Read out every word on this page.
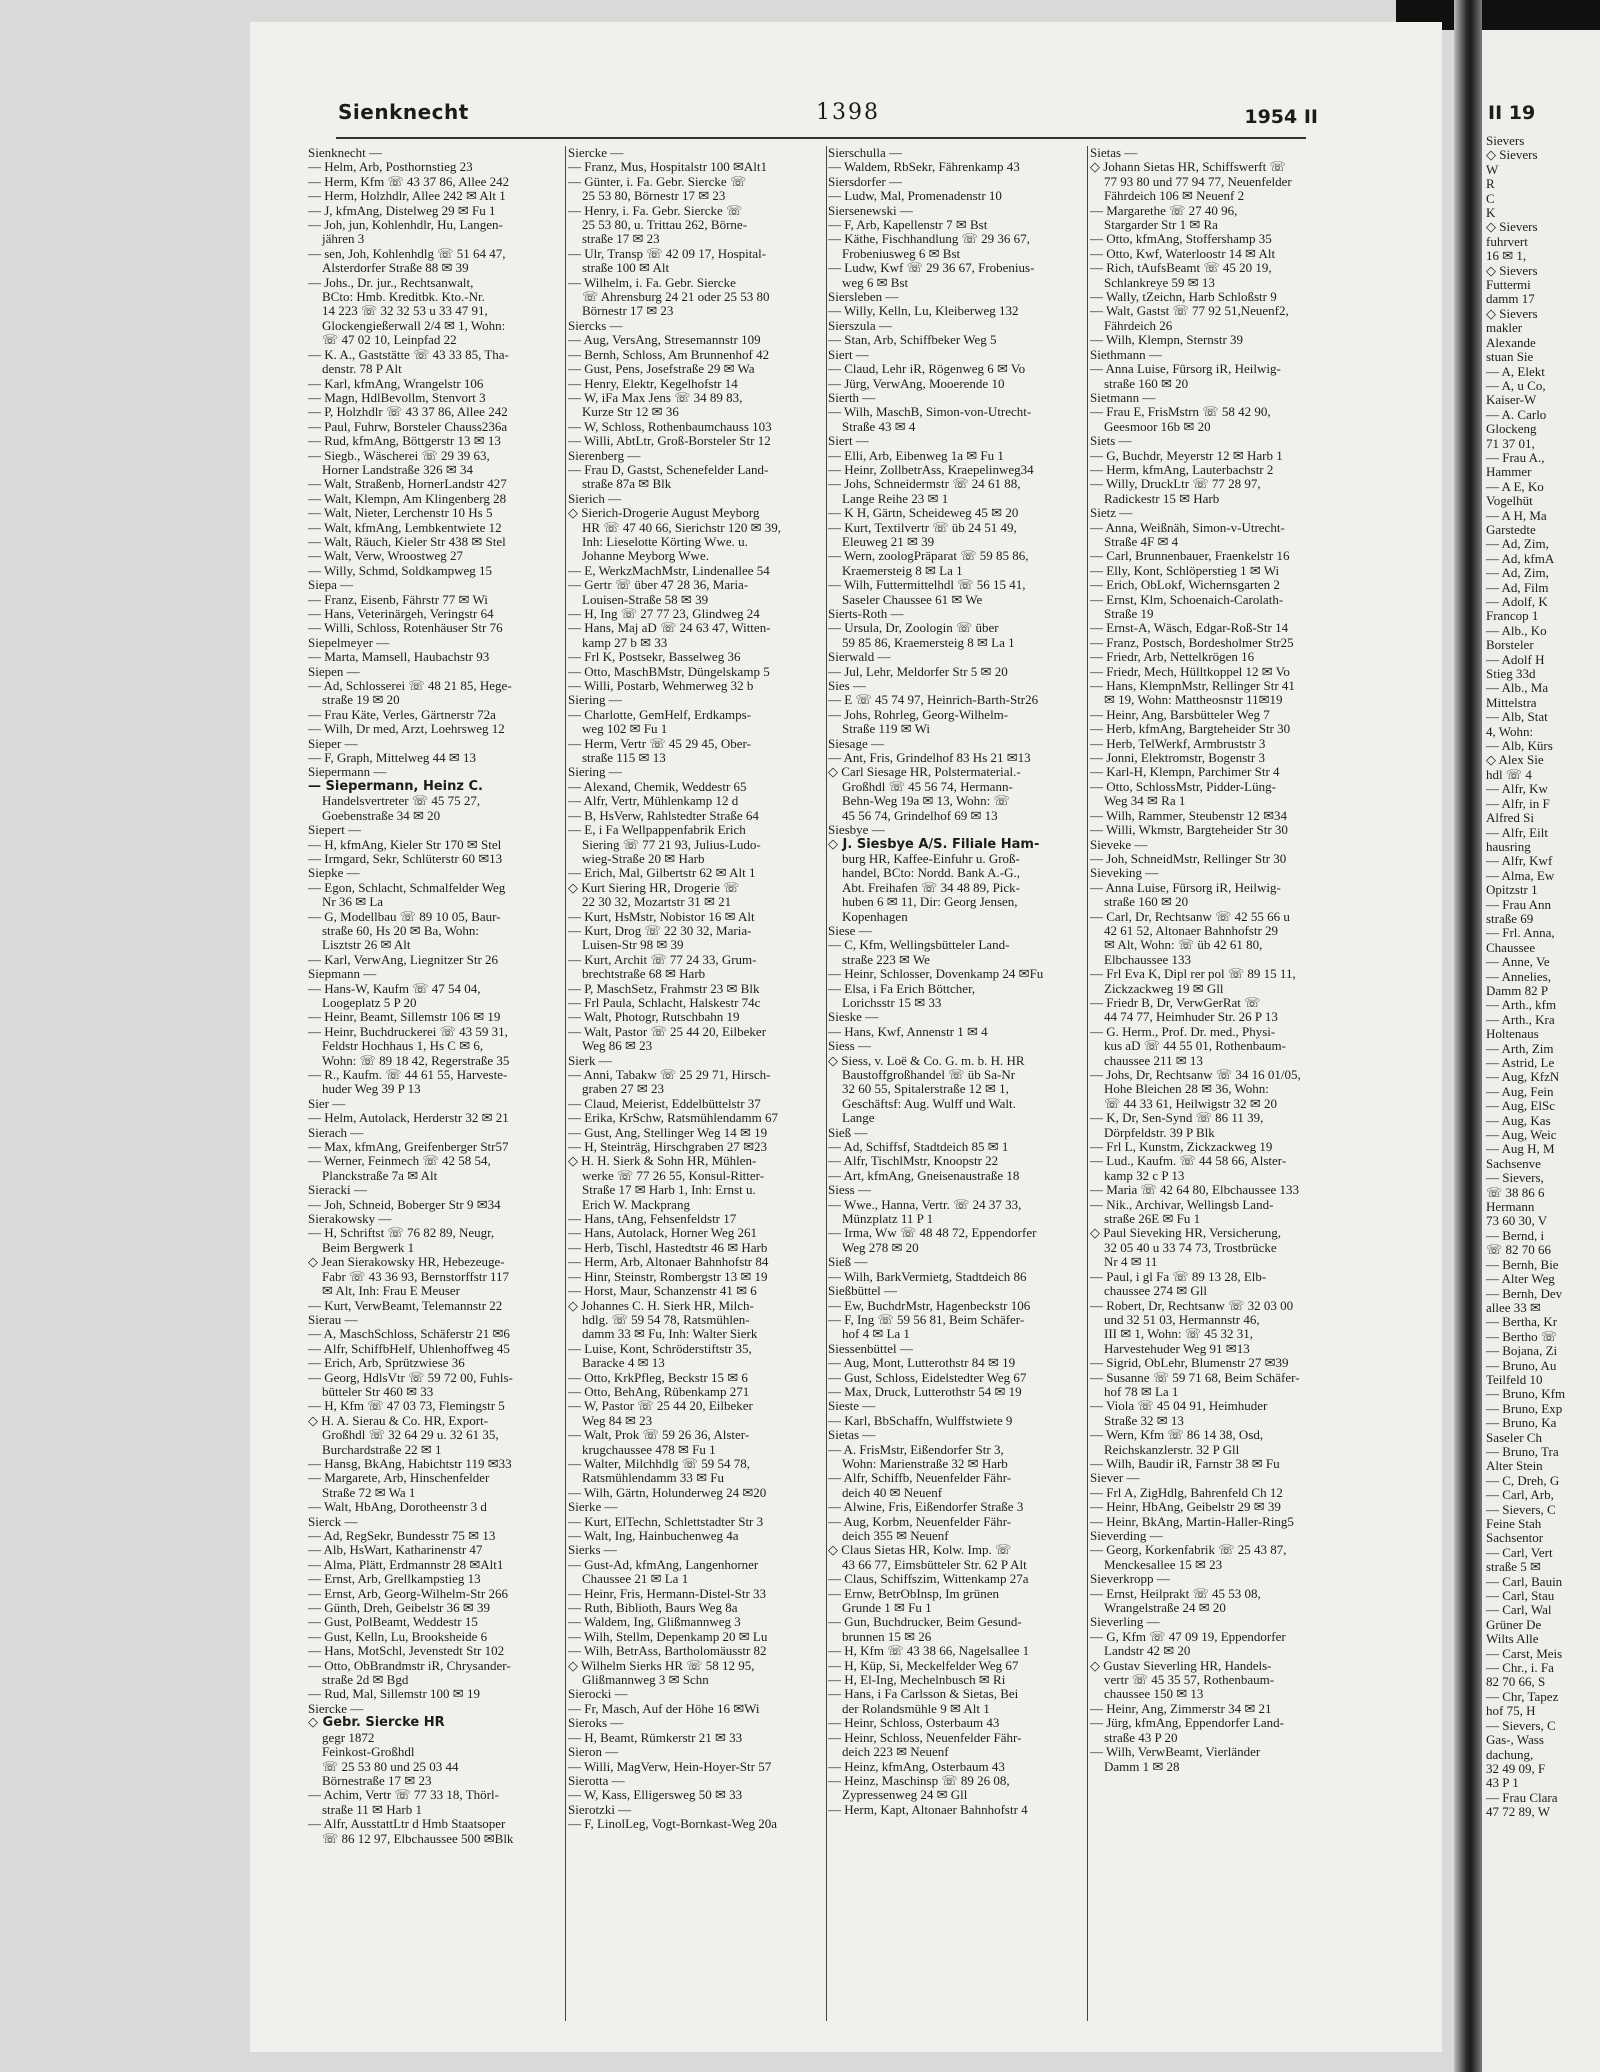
Sienknecht	1398	1954 II
Sienknecht —
— Helm, Arb, Posthornstieg 23
— Herm, Kfm ☏ 43 37 86, Allee 242
— Herm, Holzhdlr, Allee 242 ✉ Alt 1
— J, kfmAng, Distelweg 29 ✉ Fu 1
— Joh, jun, Kohlenhdlr, Hu, Langen-
jähren 3
— sen, Joh, Kohlenhdlg ☏ 51 64 47,
Alsterdorfer Straße 88 ✉ 39
— Johs., Dr. jur., Rechtsanwalt,
BCto: Hmb. Kreditbk. Kto.-Nr.
14 223 ☏ 32 32 53 u 33 47 91,
Glockengießerwall 2/4 ✉ 1, Wohn:
☏ 47 02 10, Leinpfad 22
— K. A., Gaststätte ☏ 43 33 85, Tha-
denstr. 78 P Alt
— Karl, kfmAng, Wrangelstr 106
— Magn, HdlBevollm, Stenvort 3
— P, Holzhdlr ☏ 43 37 86, Allee 242
— Paul, Fuhrw, Borsteler Chauss236a
— Rud, kfmAng, Böttgerstr 13 ✉ 13
— Siegb., Wäscherei ☏ 29 39 63,
Horner Landstraße 326 ✉ 34
— Walt, Straßenb, HornerLandstr 427
— Walt, Klempn, Am Klingenberg 28
— Walt, Nieter, Lerchenstr 10 Hs 5
— Walt, kfmAng, Lembkentwiete 12
— Walt, Räuch, Kieler Str 438 ✉ Stel
— Walt, Verw, Wroostweg 27
— Willy, Schmd, Soldkampweg 15
Siepa —
— Franz, Eisenb, Fährstr 77 ✉ Wi
— Hans, Veterinärgeh, Veringstr 64
— Willi, Schloss, Rotenhäuser Str 76
Siepelmeyer —
— Marta, Mamsell, Haubachstr 93
Siepen —
— Ad, Schlosserei ☏ 48 21 85, Hege-
straße 19 ✉ 20
— Frau Käte, Verles, Gärtnerstr 72a
— Wilh, Dr med, Arzt, Loehrsweg 12
Sieper —
— F, Graph, Mittelweg 44 ✉ 13
Siepermann —
— Siepermann, Heinz C.
Handelsvertreter ☏ 45 75 27,
Goebenstraße 34 ✉ 20
Siepert —
— H, kfmAng, Kieler Str 170 ✉ Stel
— Irmgard, Sekr, Schlüterstr 60 ✉13
Siepke —
— Egon, Schlacht, Schmalfelder Weg
Nr 36 ✉ La
— G, Modellbau ☏ 89 10 05, Baur-
straße 60, Hs 20 ✉ Ba, Wohn:
Lisztstr 26 ✉ Alt
— Karl, VerwAng, Liegnitzer Str 26
Siepmann —
— Hans-W, Kaufm ☏ 47 54 04,
Loogeplatz 5 P 20
— Heinr, Beamt, Sillemstr 106 ✉ 19
— Heinr, Buchdruckerei ☏ 43 59 31,
Feldstr Hochhaus 1, Hs C ✉ 6,
Wohn: ☏ 89 18 42, Regerstraße 35
— R., Kaufm. ☏ 44 61 55, Harveste-
huder Weg 39 P 13
Sier —
— Helm, Autolack, Herderstr 32 ✉ 21
Sierach —
— Max, kfmAng, Greifenberger Str57
— Werner, Feinmech ☏ 42 58 54,
Planckstraße 7a ✉ Alt
Sieracki —
— Joh, Schneid, Boberger Str 9 ✉34
Sierakowsky —
— H, Schriftst ☏ 76 82 89, Neugr,
Beim Bergwerk 1
◇ Jean Sierakowsky HR, Hebezeuge-
Fabr ☏ 43 36 93, Bernstorffstr 117
✉ Alt, Inh: Frau E Meuser
— Kurt, VerwBeamt, Telemannstr 22
Sierau —
— A, MaschSchloss, Schäferstr 21 ✉6
— Alfr, SchiffbHelf, Uhlenhoffweg 45
— Erich, Arb, Sprützwiese 36
— Georg, HdlsVtr ☏ 59 72 00, Fuhls-
bütteler Str 460 ✉ 33
— H, Kfm ☏ 47 03 73, Flemingstr 5
◇ H. A. Sierau & Co. HR, Export-
Großhdl ☏ 32 64 29 u. 32 61 35,
Burchardstraße 22 ✉ 1
— Hansg, BkAng, Habichtstr 119 ✉33
— Margarete, Arb, Hinschenfelder
Straße 72 ✉ Wa 1
— Walt, HbAng, Dorotheenstr 3 d
Sierck —
— Ad, RegSekr, Bundesstr 75 ✉ 13
— Alb, HsWart, Katharinenstr 47
— Alma, Plätt, Erdmannstr 28 ✉Alt1
— Ernst, Arb, Grellkampstieg 13
— Ernst, Arb, Georg-Wilhelm-Str 266
— Günth, Dreh, Geibelstr 36 ✉ 39
— Gust, PolBeamt, Weddestr 15
— Gust, Kelln, Lu, Brooksheide 6
— Hans, MotSchl, Jevenstedt Str 102
— Otto, ObBrandmstr iR, Chrysander-
straße 2d ✉ Bgd
— Rud, Mal, Sillemstr 100 ✉ 19
Siercke —
◇ Gebr. Siercke HR
gegr 1872
Feinkost-Großhdl
☏ 25 53 80 und 25 03 44
Börnestraße 17 ✉ 23
— Achim, Vertr ☏ 77 33 18, Thörl-
straße 11 ✉ Harb 1
— Alfr, AusstattLtr d Hmb Staatsoper
☏ 86 12 97, Elbchaussee 500 ✉Blk
Siercke —
— Franz, Mus, Hospitalstr 100 ✉Alt1
— Günter, i. Fa. Gebr. Siercke ☏
25 53 80, Börnestr 17 ✉ 23
— Henry, i. Fa. Gebr. Siercke ☏
25 53 80, u. Trittau 262, Börne-
straße 17 ✉ 23
— Ulr, Transp ☏ 42 09 17, Hospital-
straße 100 ✉ Alt
— Wilhelm, i. Fa. Gebr. Siercke
☏ Ahrensburg 24 21 oder 25 53 80
Börnestr 17 ✉ 23
Siercks —
— Aug, VersAng, Stresemannstr 109
— Bernh, Schloss, Am Brunnenhof 42
— Gust, Pens, Josefstraße 29 ✉ Wa
— Henry, Elektr, Kegelhofstr 14
— W, iFa Max Jens ☏ 34 89 83,
Kurze Str 12 ✉ 36
— W, Schloss, Rothenbaumchauss 103
— Willi, AbtLtr, Groß-Borsteler Str 12
Sierenberg —
— Frau D, Gastst, Schenefelder Land-
straße 87a ✉ Blk
Sierich —
◇ Sierich-Drogerie August Meyborg
HR ☏ 47 40 66, Sierichstr 120 ✉ 39,
Inh: Lieselotte Körting Wwe. u.
Johanne Meyborg Wwe.
— E, WerkzMachMstr, Lindenallee 54
— Gertr ☏ über 47 28 36, Maria-
Louisen-Straße 58 ✉ 39
— H, Ing ☏ 27 77 23, Glindweg 24
— Hans, Maj aD ☏ 24 63 47, Witten-
kamp 27 b ✉ 33
— Frl K, Postsekr, Basselweg 36
— Otto, MaschBMstr, Düngelskamp 5
— Willi, Postarb, Wehmerweg 32 b
Siering —
— Charlotte, GemHelf, Erdkamps-
weg 102 ✉ Fu 1
— Herm, Vertr ☏ 45 29 45, Ober-
straße 115 ✉ 13
Siering —
— Alexand, Chemik, Weddestr 65
— Alfr, Vertr, Mühlenkamp 12 d
— B, HsVerw, Rahlstedter Straße 64
— E, i Fa Wellpappenfabrik Erich
Siering ☏ 77 21 93, Julius-Ludo-
wieg-Straße 20 ✉ Harb
— Erich, Mal, Gilbertstr 62 ✉ Alt 1
◇ Kurt Siering HR, Drogerie ☏
22 30 32, Mozartstr 31 ✉ 21
— Kurt, HsMstr, Nobistor 16 ✉ Alt
— Kurt, Drog ☏ 22 30 32, Maria-
Luisen-Str 98 ✉ 39
— Kurt, Archit ☏ 77 24 33, Grum-
brechtstraße 68 ✉ Harb
— P, MaschSetz, Frahmstr 23 ✉ Blk
— Frl Paula, Schlacht, Halskestr 74c
— Walt, Photogr, Rutschbahn 19
— Walt, Pastor ☏ 25 44 20, Eilbeker
Weg 86 ✉ 23
Sierk —
— Anni, Tabakw ☏ 25 29 71, Hirsch-
graben 27 ✉ 23
— Claud, Meierist, Eddelbüttelstr 37
— Erika, KrSchw, Ratsmühlendamm 67
— Gust, Ang, Stellinger Weg 14 ✉ 19
— H, Steinträg, Hirschgraben 27 ✉23
◇ H. H. Sierk & Sohn HR, Mühlen-
werke ☏ 77 26 55, Konsul-Ritter-
Straße 17 ✉ Harb 1, Inh: Ernst u.
Erich W. Mackprang
— Hans, tAng, Fehsenfeldstr 17
— Hans, Autolack, Horner Weg 261
— Herb, Tischl, Hastedtstr 46 ✉ Harb
— Herm, Arb, Altonaer Bahnhofstr 84
— Hinr, Steinstr, Rombergstr 13 ✉ 19
— Horst, Maur, Schanzenstr 41 ✉ 6
◇ Johannes C. H. Sierk HR, Milch-
hdlg. ☏ 59 54 78, Ratsmühlen-
damm 33 ✉ Fu, Inh: Walter Sierk
— Luise, Kont, Schröderstiftstr 35,
Baracke 4 ✉ 13
— Otto, KrkPfleg, Beckstr 15 ✉ 6
— Otto, BehAng, Rübenkamp 271
— W, Pastor ☏ 25 44 20, Eilbeker
Weg 84 ✉ 23
— Walt, Prok ☏ 59 26 36, Alster-
krugchaussee 478 ✉ Fu 1
— Walter, Milchhdlg ☏ 59 54 78,
Ratsmühlendamm 33 ✉ Fu
— Wilh, Gärtn, Holunderweg 24 ✉20
Sierke —
— Kurt, ElTechn, Schlettstadter Str 3
— Walt, Ing, Hainbuchenweg 4a
Sierks —
— Gust-Ad, kfmAng, Langenhorner
Chaussee 21 ✉ La 1
— Heinr, Fris, Hermann-Distel-Str 33
— Ruth, Biblioth, Baurs Weg 8a
— Waldem, Ing, Glißmannweg 3
— Wilh, Stellm, Depenkamp 20 ✉ Lu
— Wilh, BetrAss, Bartholomäusstr 82
◇ Wilhelm Sierks HR ☏ 58 12 95,
Glißmannweg 3 ✉ Schn
Sierocki —
— Fr, Masch, Auf der Höhe 16 ✉Wi
Sieroks —
— H, Beamt, Rümkerstr 21 ✉ 33
Sieron —
— Willi, MagVerw, Hein-Hoyer-Str 57
Sierotta —
— W, Kass, Elligersweg 50 ✉ 33
Sierotzki —
— F, LinolLeg, Vogt-Bornkast-Weg 20a
Sierschulla —
— Waldem, RbSekr, Fährenkamp 43
Siersdorfer —
— Ludw, Mal, Promenadenstr 10
Siersenewski —
— F, Arb, Kapellenstr 7 ✉ Bst
— Käthe, Fischhandlung ☏ 29 36 67,
Frobeniusweg 6 ✉ Bst
— Ludw, Kwf ☏ 29 36 67, Frobenius-
weg 6 ✉ Bst
Siersleben —
— Willy, Kelln, Lu, Kleiberweg 132
Sierszula —
— Stan, Arb, Schiffbeker Weg 5
Siert —
— Claud, Lehr iR, Rögenweg 6 ✉ Vo
— Jürg, VerwAng, Mooerende 10
Sierth —
— Wilh, MaschB, Simon-von-Utrecht-
Straße 43 ✉ 4
Siert —
— Elli, Arb, Eibenweg 1a ✉ Fu 1
— Heinr, ZollbetrAss, Kraepelinweg34
— Johs, Schneidermstr ☏ 24 61 88,
Lange Reihe 23 ✉ 1
— K H, Gärtn, Scheideweg 45 ✉ 20
— Kurt, Textilvertr ☏ üb 24 51 49,
Eleuweg 21 ✉ 39
— Wern, zoologPräparat ☏ 59 85 86,
Kraemersteig 8 ✉ La 1
— Wilh, Futtermittelhdl ☏ 56 15 41,
Saseler Chaussee 61 ✉ We
Sierts-Roth —
— Ursula, Dr, Zoologin ☏ über
59 85 86, Kraemersteig 8 ✉ La 1
Sierwald —
— Jul, Lehr, Meldorfer Str 5 ✉ 20
Sies —
— E ☏ 45 74 97, Heinrich-Barth-Str26
— Johs, Rohrleg, Georg-Wilhelm-
Straße 119 ✉ Wi
Siesage —
— Ant, Fris, Grindelhof 83 Hs 21 ✉13
◇ Carl Siesage HR, Polstermaterial.-
Großhdl ☏ 45 56 74, Hermann-
Behn-Weg 19a ✉ 13, Wohn: ☏
45 56 74, Grindelhof 69 ✉ 13
Siesbye —
◇ J. Siesbye A/S. Filiale Ham-
burg HR, Kaffee-Einfuhr u. Groß-
handel, BCto: Nordd. Bank A.-G.,
Abt. Freihafen ☏ 34 48 89, Pick-
huben 6 ✉ 11, Dir: Georg Jensen,
Kopenhagen
Siese —
— C, Kfm, Wellingsbütteler Land-
straße 223 ✉ We
— Heinr, Schlosser, Dovenkamp 24 ✉Fu
— Elsa, i Fa Erich Böttcher,
Lorichsstr 15 ✉ 33
Sieske —
— Hans, Kwf, Annenstr 1 ✉ 4
Siess —
◇ Siess, v. Loë & Co. G. m. b. H. HR
Baustoffgroßhandel ☏ üb Sa-Nr
32 60 55, Spitalerstraße 12 ✉ 1,
Geschäftsf: Aug. Wulff und Walt.
Lange
Sieß —
— Ad, Schiffsf, Stadtdeich 85 ✉ 1
— Alfr, TischlMstr, Knoopstr 22
— Art, kfmAng, Gneisenaustraße 18
Siess —
— Wwe., Hanna, Vertr. ☏ 24 37 33,
Münzplatz 11 P 1
— Irma, Ww ☏ 48 48 72, Eppendorfer
Weg 278 ✉ 20
Sieß —
— Wilh, BarkVermietg, Stadtdeich 86
Sießbüttel —
— Ew, BuchdrMstr, Hagenbeckstr 106
— F, Ing ☏ 59 56 81, Beim Schäfer-
hof 4 ✉ La 1
Siessenbüttel —
— Aug, Mont, Lutterothstr 84 ✉ 19
— Gust, Schloss, Eidelstedter Weg 67
— Max, Druck, Lutterothstr 54 ✉ 19
Sieste —
— Karl, BbSchaffn, Wulffstwiete 9
Sietas —
— A. FrisMstr, Eißendorfer Str 3,
Wohn: Marienstraße 32 ✉ Harb
— Alfr, Schiffb, Neuenfelder Fähr-
deich 40 ✉ Neuenf
— Alwine, Fris, Eißendorfer Straße 3
— Aug, Korbm, Neuenfelder Fähr-
deich 355 ✉ Neuenf
◇ Claus Sietas HR, Kolw. Imp. ☏
43 66 77, Eimsbütteler Str. 62 P Alt
— Claus, Schiffszim, Wittenkamp 27a
— Ernw, BetrObInsp, Im grünen
Grunde 1 ✉ Fu 1
— Gun, Buchdrucker, Beim Gesund-
brunnen 15 ✉ 26
— H, Kfm ☏ 43 38 66, Nagelsallee 1
— H, Küp, Si, Meckelfelder Weg 67
— H, El-Ing, Mechelnbusch ✉ Ri
— Hans, i Fa Carlsson & Sietas, Bei
der Rolandsmühle 9 ✉ Alt 1
— Heinr, Schloss, Osterbaum 43
— Heinr, Schloss, Neuenfelder Fähr-
deich 223 ✉ Neuenf
— Heinz, kfmAng, Osterbaum 43
— Heinz, Maschinsp ☏ 89 26 08,
Zypressenweg 24 ✉ Gll
— Herm, Kapt, Altonaer Bahnhofstr 4
Sietas —
◇ Johann Sietas HR, Schiffswerft ☏
77 93 80 und 77 94 77, Neuenfelder
Fährdeich 106 ✉ Neuenf 2
— Margarethe ☏ 27 40 96,
Stargarder Str 1 ✉ Ra
— Otto, kfmAng, Stoffershamp 35
— Otto, Kwf, Waterloostr 14 ✉ Alt
— Rich, tAufsBeamt ☏ 45 20 19,
Schlankreye 59 ✉ 13
— Wally, tZeichn, Harb Schloßstr 9
— Walt, Gastst ☏ 77 92 51,Neuenf2,
Fährdeich 26
— Wilh, Klempn, Sternstr 39
Siethmann —
— Anna Luise, Fürsorg iR, Heilwig-
straße 160 ✉ 20
Sietmann —
— Frau E, FrisMstrn ☏ 58 42 90,
Geesmoor 16b ✉ 20
Siets —
— G, Buchdr, Meyerstr 12 ✉ Harb 1
— Herm, kfmAng, Lauterbachstr 2
— Willy, DruckLtr ☏ 77 28 97,
Radickestr 15 ✉ Harb
Sietz —
— Anna, Weißnäh, Simon-v-Utrecht-
Straße 4F ✉ 4
— Carl, Brunnenbauer, Fraenkelstr 16
— Elly, Kont, Schlöperstieg 1 ✉ Wi
— Erich, ObLokf, Wichernsgarten 2
— Ernst, Klm, Schoenaich-Carolath-
Straße 19
— Ernst-A, Wäsch, Edgar-Roß-Str 14
— Franz, Postsch, Bordesholmer Str25
— Friedr, Arb, Nettelkrögen 16
— Friedr, Mech, Hülltkoppel 12 ✉ Vo
— Hans, KlempnMstr, Rellinger Str 41
✉ 19, Wohn: Mattheosnstr 11✉19
— Heinr, Ang, Barsbütteler Weg 7
— Herb, kfmAng, Bargteheider Str 30
— Herb, TelWerkf, Armbruststr 3
— Jonni, Elektromstr, Bogenstr 3
— Karl-H, Klempn, Parchimer Str 4
— Otto, SchlossMstr, Pidder-Lüng-
Weg 34 ✉ Ra 1
— Wilh, Rammer, Steubenstr 12 ✉34
— Willi, Wkmstr, Bargteheider Str 30
Sieveke —
— Joh, SchneidMstr, Rellinger Str 30
Sieveking —
— Anna Luise, Fürsorg iR, Heilwig-
straße 160 ✉ 20
— Carl, Dr, Rechtsanw ☏ 42 55 66 u
42 61 52, Altonaer Bahnhofstr 29
✉ Alt, Wohn: ☏ üb 42 61 80,
Elbchaussee 133
— Frl Eva K, Dipl rer pol ☏ 89 15 11,
Zickzackweg 19 ✉ Gll
— Friedr B, Dr, VerwGerRat ☏
44 74 77, Heimhuder Str. 26 P 13
— G. Herm., Prof. Dr. med., Physi-
kus aD ☏ 44 55 01, Rothenbaum-
chaussee 211 ✉ 13
— Johs, Dr, Rechtsanw ☏ 34 16 01/05,
Hohe Bleichen 28 ✉ 36, Wohn:
☏ 44 33 61, Heilwigstr 32 ✉ 20
— K, Dr, Sen-Synd ☏ 86 11 39,
Dörpfeldstr. 39 P Blk
— Frl L, Kunstm, Zickzackweg 19
— Lud., Kaufm. ☏ 44 58 66, Alster-
kamp 32 c P 13
— Maria ☏ 42 64 80, Elbchaussee 133
— Nik., Archivar, Wellingsb Land-
straße 26E ✉ Fu 1
◇ Paul Sieveking HR, Versicherung,
32 05 40 u 33 74 73, Trostbrücke
Nr 4 ✉ 11
— Paul, i gl Fa ☏ 89 13 28, Elb-
chaussee 274 ✉ Gll
— Robert, Dr, Rechtsanw ☏ 32 03 00
und 32 51 03, Hermannstr 46,
III ✉ 1, Wohn: ☏ 45 32 31,
Harvestehuder Weg 91 ✉13
— Sigrid, ObLehr, Blumenstr 27 ✉39
— Susanne ☏ 59 71 68, Beim Schäfer-
hof 78 ✉ La 1
— Viola ☏ 45 04 91, Heimhuder
Straße 32 ✉ 13
— Wern, Kfm ☏ 86 14 38, Osd,
Reichskanzlerstr. 32 P Gll
— Wilh, Baudir iR, Farnstr 38 ✉ Fu
Siever —
— Frl A, ZigHdlg, Bahrenfeld Ch 12
— Heinr, HbAng, Geibelstr 29 ✉ 39
— Heinr, BkAng, Martin-Haller-Ring5
Sieverding —
— Georg, Korkenfabrik ☏ 25 43 87,
Menckesallee 15 ✉ 23
Sieverkropp —
— Ernst, Heilprakt ☏ 45 53 08,
Wrangelstraße 24 ✉ 20
Sieverling —
— G, Kfm ☏ 47 09 19, Eppendorfer
Landstr 42 ✉ 20
◇ Gustav Sieverling HR, Handels-
vertr ☏ 45 35 57, Rothenbaum-
chaussee 150 ✉ 13
— Heinr, Ang, Zimmerstr 34 ✉ 21
— Jürg, kfmAng, Eppendorfer Land-
straße 43 P 20
— Wilh, VerwBeamt, Vierländer
Damm 1 ✉ 28
II 19
Sievers
◇ Sievers
W
R
C
K
◇ Sievers
fuhrvert
16 ✉ 1,
◇ Sievers
Futtermi
damm 17
◇ Sievers
makler
Alexande
stuan Sie
— A, Elekt
— A, u Co,
Kaiser-W
— A. Carlo
Glockeng
71 37 01,
— Frau A.,
Hammer
— A E, Ko
Vogelhüt
— A H, Ma
Garstedte
— Ad, Zim,
— Ad, kfmA
— Ad, Zim,
— Ad, Film
— Adolf, K
Francop 1
— Alb., Ko
Borsteler
— Adolf H
Stieg 33d
— Alb., Ma
Mittelstra
— Alb, Stat
4, Wohn:
— Alb, Kürs
◇ Alex Sie
hdl ☏ 4
— Alfr, Kw
— Alfr, in F
Alfred Si
— Alfr, Eilt
hausring
— Alfr, Kwf
— Alma, Ew
Opitzstr 1
— Frau Ann
straße 69
— Frl. Anna,
Chaussee
— Anne, Ve
— Annelies,
Damm 82 P
— Arth., kfm
— Arth., Kra
Holtenaus
— Arth, Zim
— Astrid, Le
— Aug, KfzN
— Aug, Fein
— Aug, ElSc
— Aug, Kas
— Aug, Weic
— Aug H, M
Sachsenve
— Sievers,
☏ 38 86 6
Hermann
73 60 30, V
— Bernd, i
☏ 82 70 66
— Bernh, Bie
— Alter Weg
— Bernh, Dev
allee 33 ✉
— Bertha, Kr
— Bertho ☏
— Bojana, Zi
— Bruno, Au
Teilfeld 10
— Bruno, Kfm
— Bruno, Exp
— Bruno, Ka
Saseler Ch
— Bruno, Tra
Alter Stein
— C, Dreh, G
— Carl, Arb,
— Sievers, C
Feine Stah
Sachsentor
— Carl, Vert
straße 5 ✉
— Carl, Bauin
— Carl, Stau
— Carl, Wal
Grüner De
Wilts Alle
— Carst, Meis
— Chr., i. Fa
82 70 66, S
— Chr, Tapez
hof 75, H
— Sievers, C
Gas-, Wass
dachung,
32 49 09, F
43 P 1
— Frau Clara
47 72 89, W
